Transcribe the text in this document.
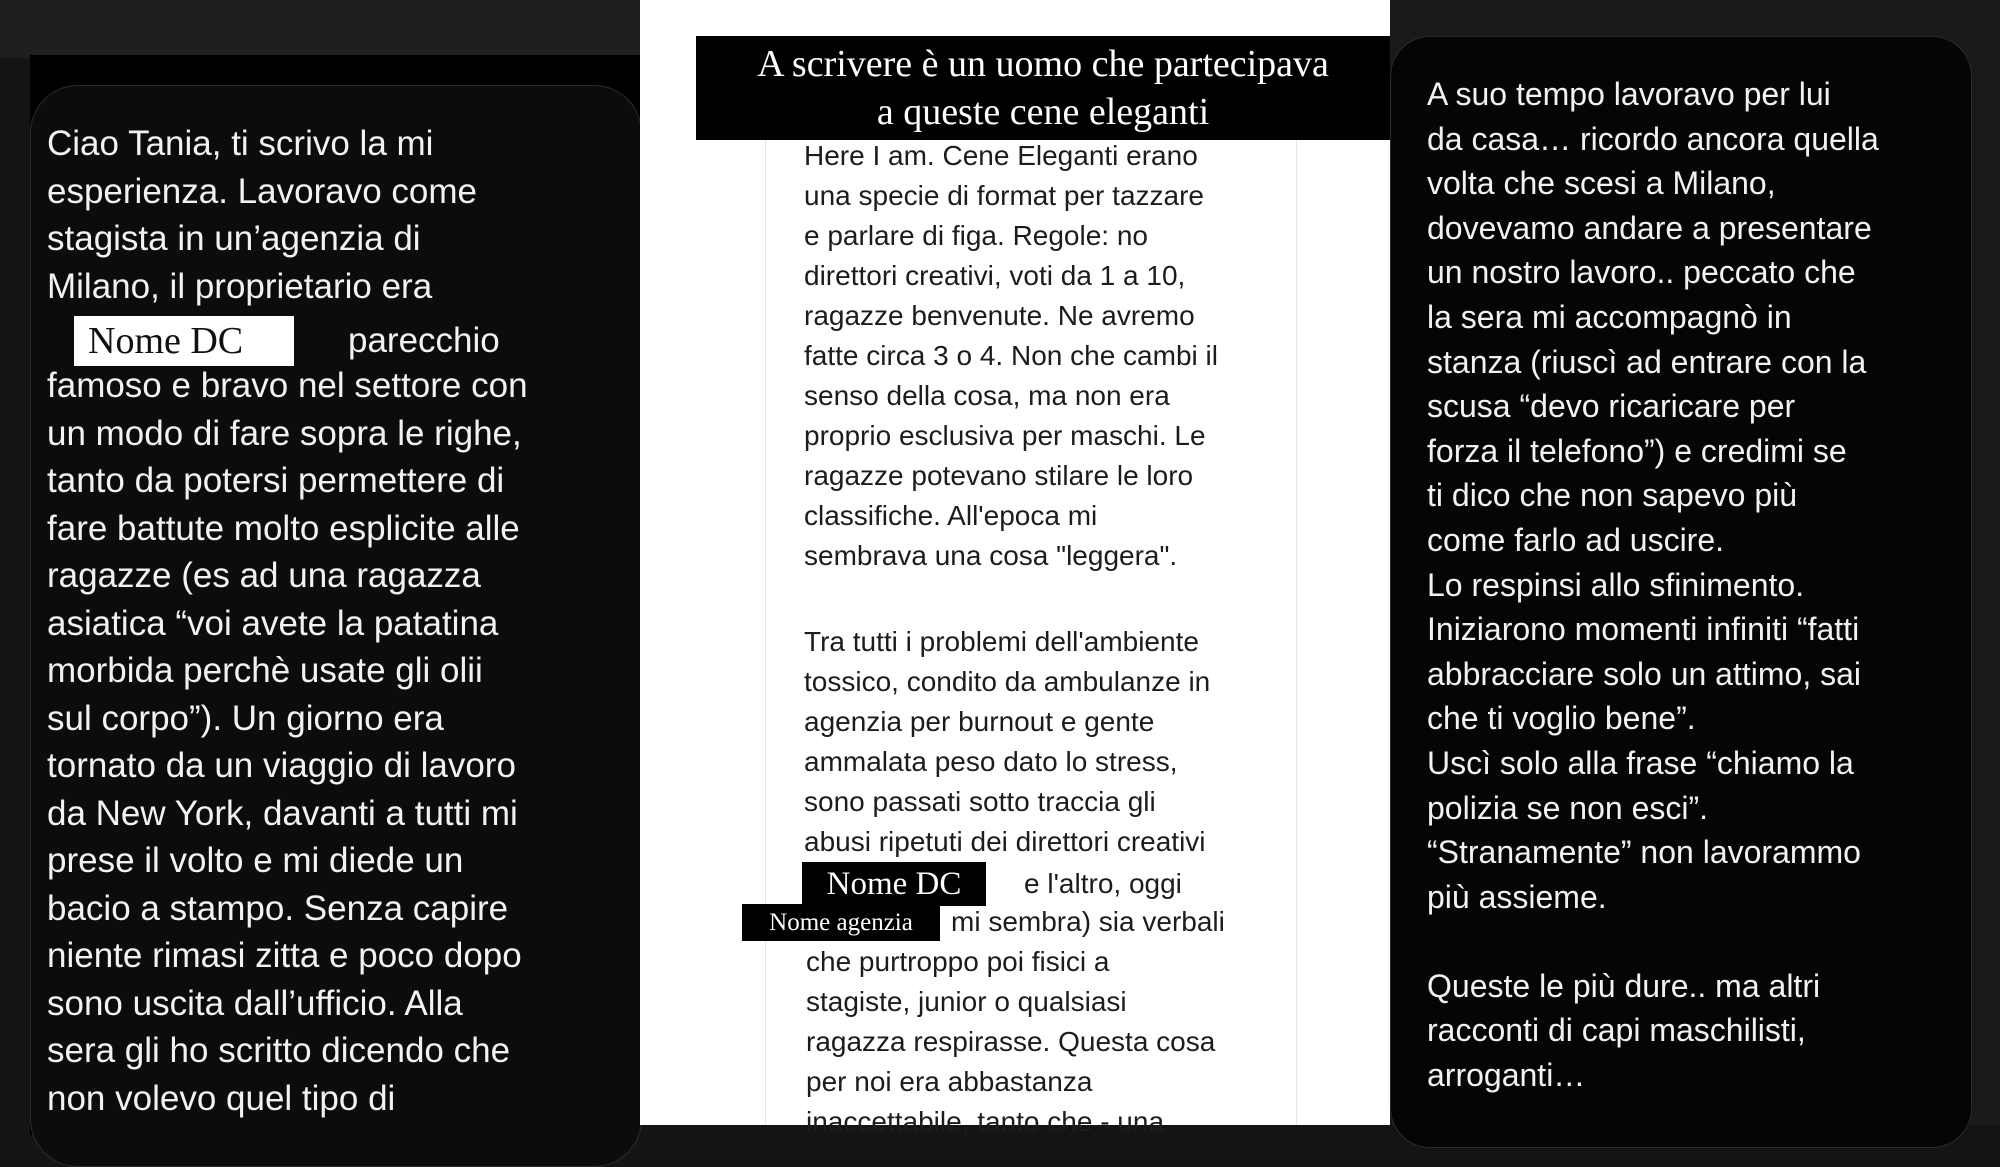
Ciao Tania, ti scrivo la mi
esperienza. Lavoravo come
stagista in un’agenzia di
Milano, il proprietario era
Nome DC	parecchio
famoso e bravo nel settore con
un modo di fare sopra le righe,
tanto da potersi permettere di
fare battute molto esplicite alle
ragazze (es ad una ragazza
asiatica “voi avete la patatina
morbida perchè usate gli olii
sul corpo”). Un giorno era
tornato da un viaggio di lavoro
da New York, davanti a tutti mi
prese il volto e mi diede un
bacio a stampo. Senza capire
niente rimasi zitta e poco dopo
sono uscita dall’ufficio. Alla
sera gli ho scritto dicendo che
non volevo quel tipo di
A scrivere è un uomo che partecipava
a queste cene eleganti
Here I am. Cene Eleganti erano
una specie di format per tazzare
e parlare di figa. Regole: no
direttori creativi, voti da 1 a 10,
ragazze benvenute. Ne avremo
fatte circa 3 o 4. Non che cambi il
senso della cosa, ma non era
proprio esclusiva per maschi. Le
ragazze potevano stilare le loro
classifiche. All'epoca mi
sembrava una cosa "leggera".
Tra tutti i problemi dell'ambiente
tossico, condito da ambulanze in
agenzia per burnout e gente
ammalata peso dato lo stress,
sono passati sotto traccia gli
abusi ripetuti dei direttori creativi
Nome DC	e l'altro, oggi
Nome agenzia	mi sembra) sia verbali
che purtroppo poi fisici a
stagiste, junior o qualsiasi
ragazza respirasse. Questa cosa
per noi era abbastanza
inaccettabile, tanto che - una
A suo tempo lavoravo per lui
da casa… ricordo ancora quella
volta che scesi a Milano,
dovevamo andare a presentare
un nostro lavoro.. peccato che
la sera mi accompagnò in
stanza (riuscì ad entrare con la
scusa “devo ricaricare per
forza il telefono”) e credimi se
ti dico che non sapevo più
come farlo ad uscire.
Lo respinsi allo sfinimento.
Iniziarono momenti infiniti “fatti
abbracciare solo un attimo, sai
che ti voglio bene”.
Uscì solo alla frase “chiamo la
polizia se non esci”.
“Stranamente” non lavorammo
più assieme.

Queste le più dure.. ma altri
racconti di capi maschilisti,
arroganti…
